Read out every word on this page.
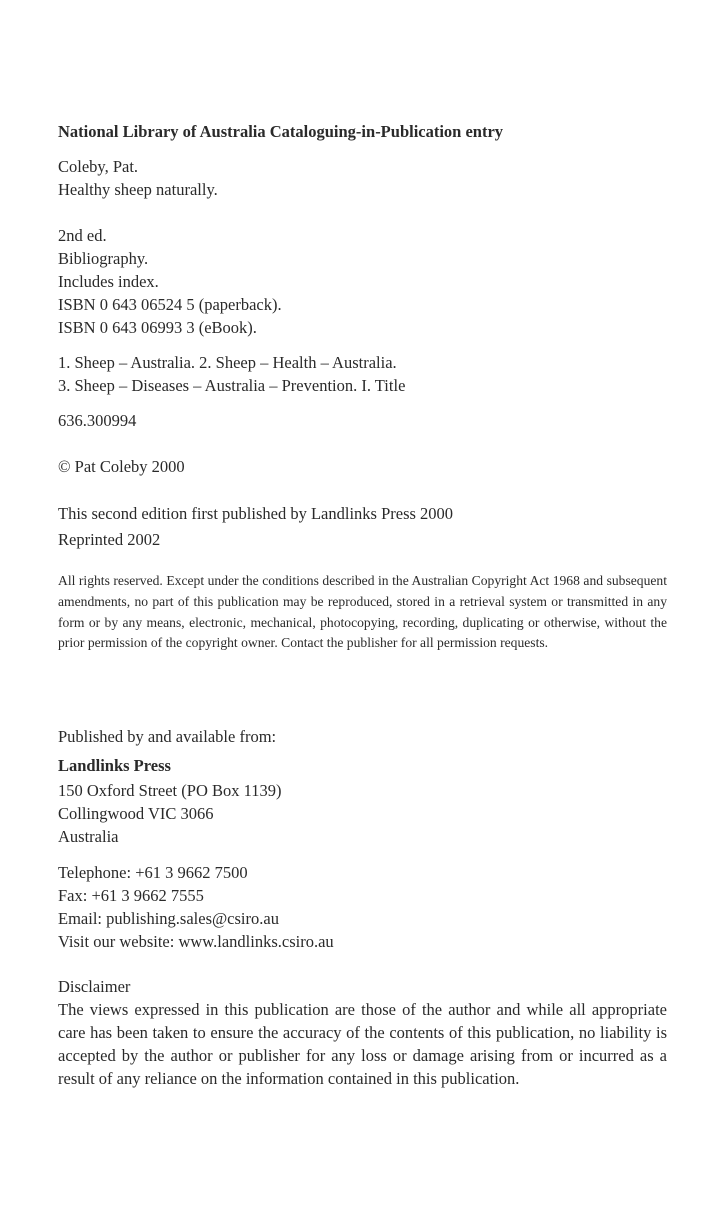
National Library of Australia Cataloguing-in-Publication entry
Coleby, Pat.
Healthy sheep naturally.
2nd ed.
Bibliography.
Includes index.
ISBN 0 643 06524 5 (paperback).
ISBN 0 643 06993 3 (eBook).
1. Sheep – Australia. 2. Sheep – Health – Australia.
3. Sheep – Diseases – Australia – Prevention. I. Title
636.300994
© Pat Coleby 2000
This second edition first published by Landlinks Press 2000
Reprinted 2002
All rights reserved. Except under the conditions described in the Australian Copyright Act 1968 and subsequent amendments, no part of this publication may be reproduced, stored in a retrieval system or transmitted in any form or by any means, electronic, mechanical, photocopying, recording, duplicating or otherwise, without the prior permission of the copyright owner. Contact the publisher for all permission requests.
Published by and available from:
Landlinks Press
150 Oxford Street (PO Box 1139)
Collingwood VIC 3066
Australia
Telephone: +61 3 9662 7500
Fax: +61 3 9662 7555
Email: publishing.sales@csiro.au
Visit our website: www.landlinks.csiro.au
Disclaimer
The views expressed in this publication are those of the author and while all appropriate care has been taken to ensure the accuracy of the contents of this publication, no liability is accepted by the author or publisher for any loss or damage arising from or incurred as a result of any reliance on the information contained in this publication.
